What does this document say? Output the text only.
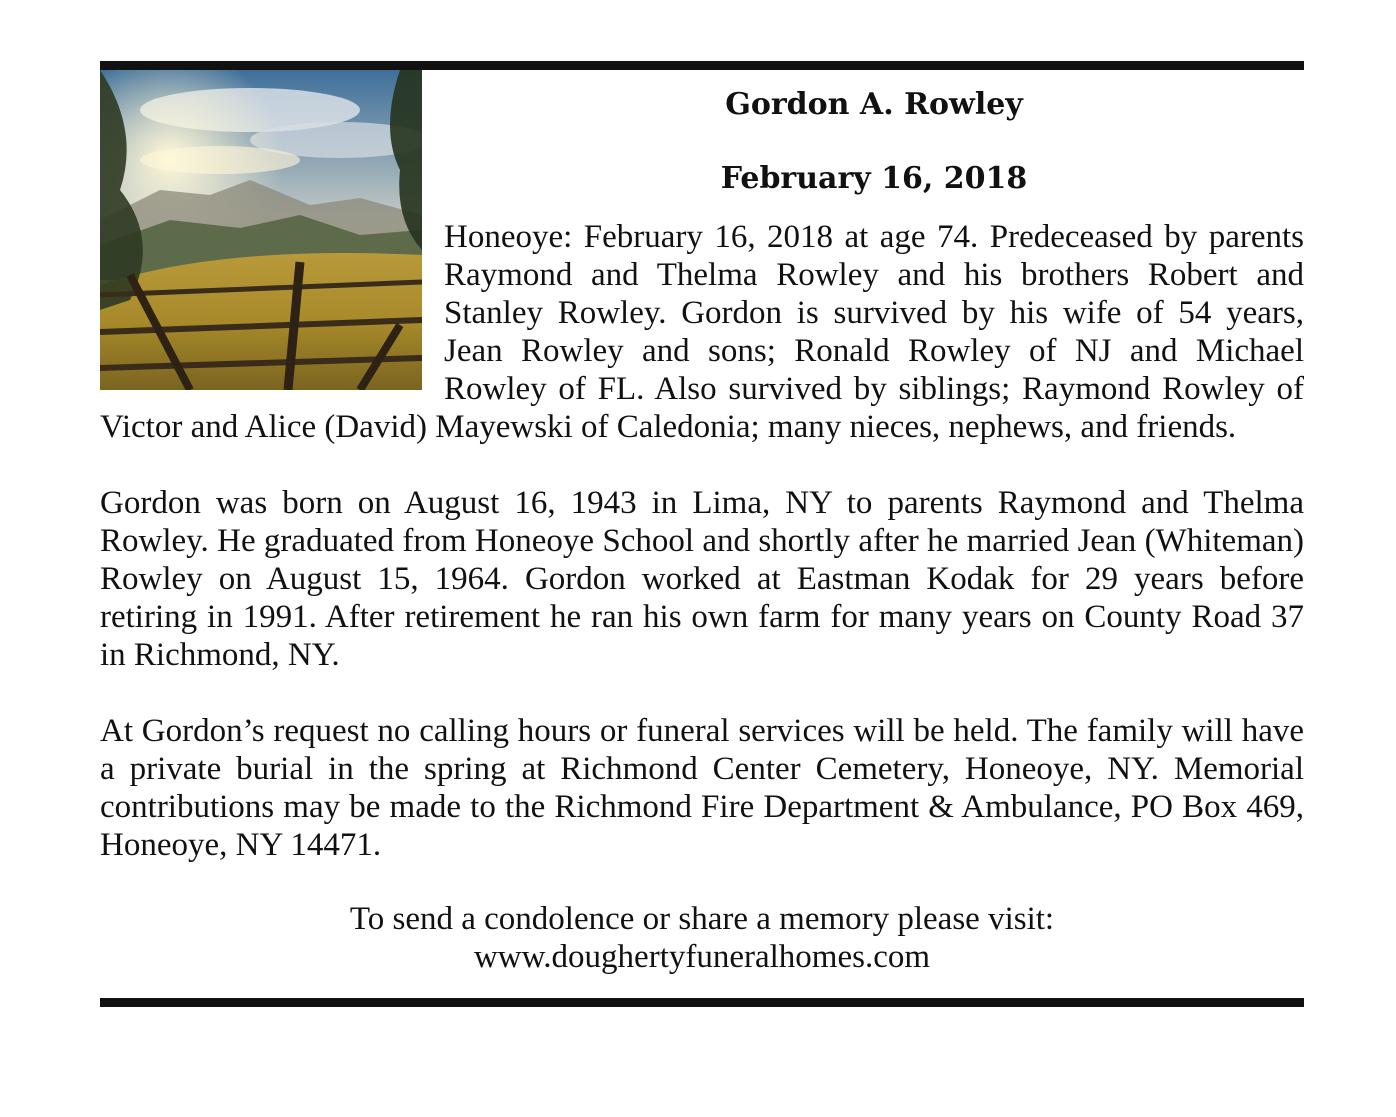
Gordon A. Rowley
February 16, 2018

Honeoye: February 16, 2018 at age 74. Predeceased by parents Raymond and Thelma Rowley and his brothers Robert and Stanley Rowley. Gordon is survived by his wife of 54 years, Jean Rowley and sons; Ronald Rowley of NJ and Michael Rowley of FL. Also survived by siblings; Raymond Rowley of Victor and Alice (David) Mayewski of Caledonia; many nieces, nephews, and friends.

Gordon was born on August 16, 1943 in Lima, NY to parents Raymond and Thelma Rowley. He graduated from Honeoye School and shortly after he married Jean (Whiteman) Rowley on August 15, 1964. Gordon worked at Eastman Kodak for 29 years before retiring in 1991. After retirement he ran his own farm for many years on County Road 37 in Richmond, NY.

At Gordon’s request no calling hours or funeral services will be held. The family will have a private burial in the spring at Richmond Center Cemetery, Honeoye, NY. Memorial contributions may be made to the Richmond Fire Department & Ambulance, PO Box 469, Honeoye, NY 14471.

To send a condolence or share a memory please visit:
www.doughertyfuneralhomes.com
